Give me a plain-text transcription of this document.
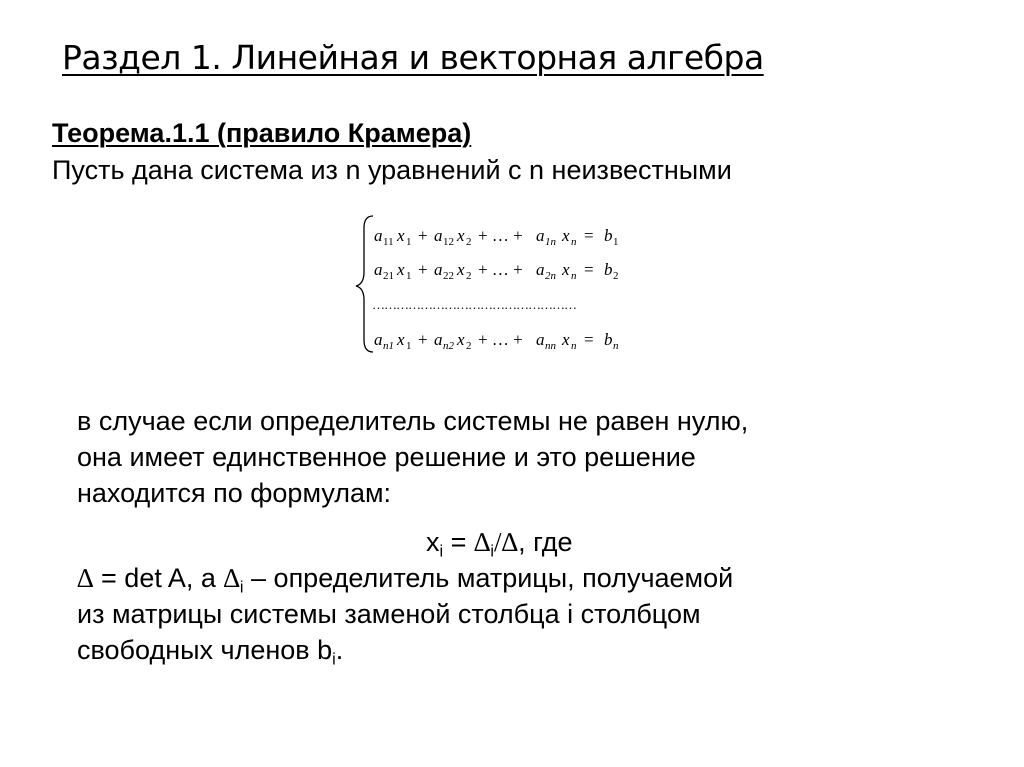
Раздел 1. Линейная и векторная алгебра
Теорема.1.1 (правило Крамера)
Пусть дана система из n уравнений с n неизвестными
a 11 x 1 + a 12 x 2 + … + a 1n x n = b 1
a 21 x 1 + a 22 x 2 + … + a 2n x n = b 2
……………………………………………
a n1 x 1 + a n2 x 2 + … + a nn x n = b n
в случае если определитель системы не равен нулю,
она имеет единственное решение и это решение
находится по формулам:
$x_i = \Delta_i/\Delta$, где
∆ = det A, а $\Delta_i$ – определитель матрицы, получаемой
из матрицы системы заменой столбца i столбцом
свободных членов $b_i$.
